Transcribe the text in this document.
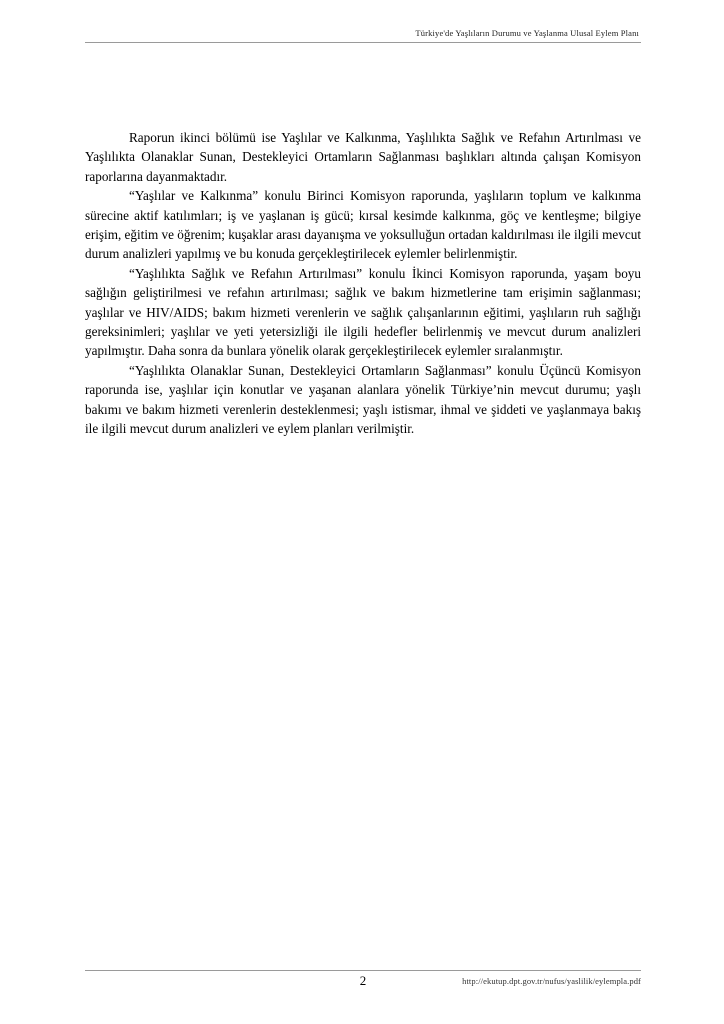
Türkiye'de Yaşlıların Durumu ve Yaşlanma Ulusal Eylem Planı

Raporun ikinci bölümü ise Yaşlılar ve Kalkınma, Yaşlılıkta Sağlık ve Refahın Artırılması ve Yaşlılıkta Olanaklar Sunan, Destekleyici Ortamların Sağlanması başlıkları altında çalışan Komisyon raporlarına dayanmaktadır.

“Yaşlılar ve Kalkınma” konulu Birinci Komisyon raporunda, yaşlıların toplum ve kalkınma sürecine aktif katılımları; iş ve yaşlanan iş gücü; kırsal kesimde kalkınma, göç ve kentleşme; bilgiye erişim, eğitim ve öğrenim; kuşaklar arası dayanışma ve yoksulluğun ortadan kaldırılması ile ilgili mevcut durum analizleri yapılmış ve bu konuda gerçekleştirilecek eylemler belirlenmiştir.

“Yaşlılıkta Sağlık ve Refahın Artırılması” konulu İkinci Komisyon raporunda, yaşam boyu sağlığın geliştirilmesi ve refahın artırılması; sağlık ve bakım hizmetlerine tam erişimin sağlanması; yaşlılar ve HIV/AIDS; bakım hizmeti verenlerin ve sağlık çalışanlarının eğitimi, yaşlıların ruh sağlığı gereksinimleri; yaşlılar ve yeti yetersizliği ile ilgili hedefler belirlenmiş ve mevcut durum analizleri yapılmıştır. Daha sonra da bunlara yönelik olarak gerçekleştirilecek eylemler sıralanmıştır.

“Yaşlılıkta Olanaklar Sunan, Destekleyici Ortamların Sağlanması” konulu Üçüncü Komisyon raporunda ise, yaşlılar için konutlar ve yaşanan alanlara yönelik Türkiye’nin mevcut durumu; yaşlı bakımı ve bakım hizmeti verenlerin desteklenmesi; yaşlı istismar, ihmal ve şiddeti ve yaşlanmaya bakış ile ilgili mevcut durum analizleri ve eylem planları verilmiştir.

2	http://ekutup.dpt.gov.tr/nufus/yaslilik/eylempla.pdf
